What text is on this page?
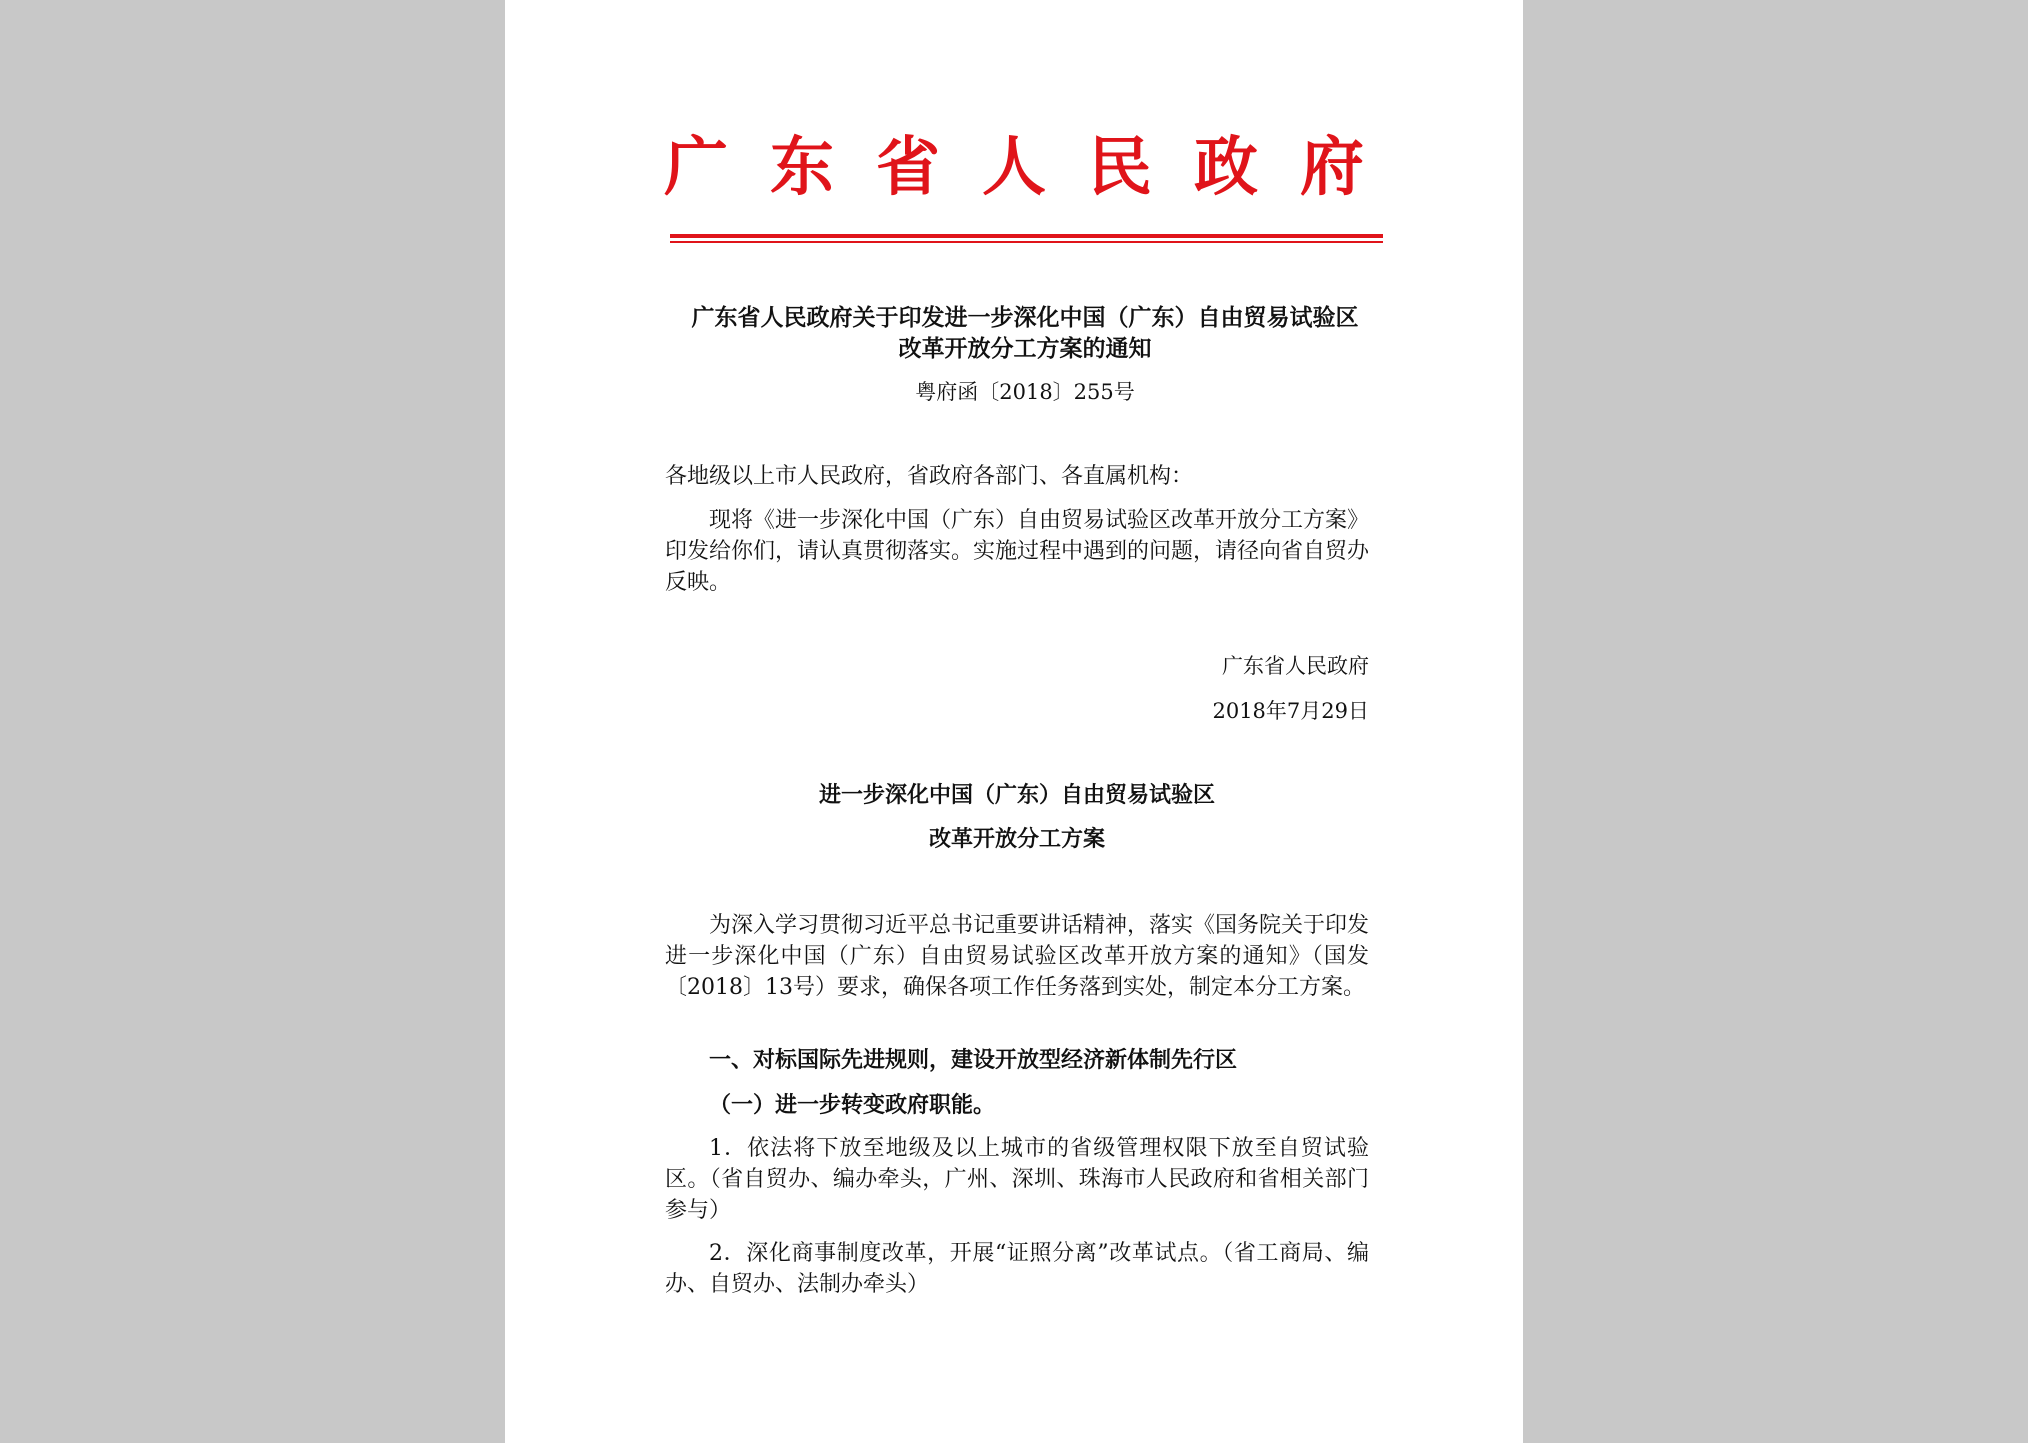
广东省人民政府
广东省人民政府关于印发进一步深化中国（广东）自由贸易试验区
改革开放分工方案的通知
粤府函〔2018〕255号
各地级以上市人民政府，省政府各部门、各直属机构：
现将《进一步深化中国（广东）自由贸易试验区改革开放分工方案》印发给你们，请认真贯彻落实。实施过程中遇到的问题，请径向省自贸办反映。
广东省人民政府
2018年7月29日
进一步深化中国（广东）自由贸易试验区
改革开放分工方案
为深入学习贯彻习近平总书记重要讲话精神，落实《国务院关于印发进一步深化中国（广东）自由贸易试验区改革开放方案的通知》（国发〔2018〕13号）要求，确保各项工作任务落到实处，制定本分工方案。
一、对标国际先进规则，建设开放型经济新体制先行区
（一）进一步转变政府职能。
1．依法将下放至地级及以上城市的省级管理权限下放至自贸试验区。（省自贸办、编办牵头，广州、深圳、珠海市人民政府和省相关部门参与）
2．深化商事制度改革，开展“证照分离”改革试点。（省工商局、编办、自贸办、法制办牵头）
